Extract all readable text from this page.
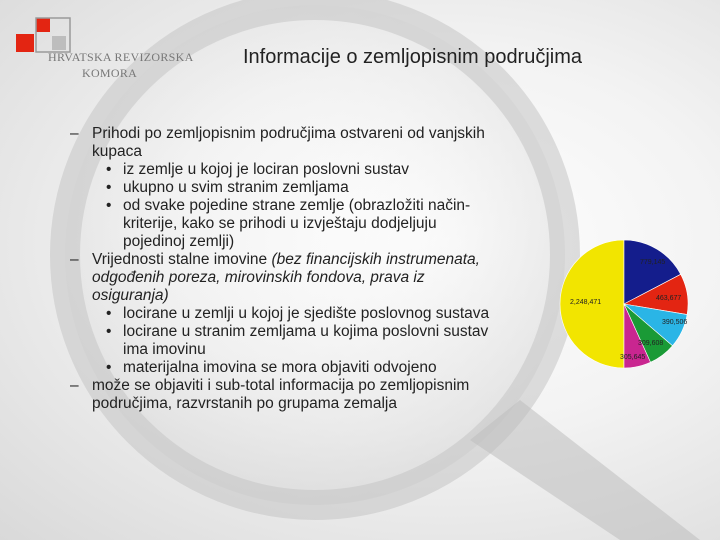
HRVATSKA REVIZORSKA
KOMORA
Informacije o zemljopisnim područjima

– Prihodi po zemljopisnim područjima ostvareni od vanjskih kupaca

• iz zemlje u kojoj je lociran poslovni sustav

• ukupno u svim stranim zemljama

• od svake pojedine strane zemlje (obrazložiti način-kriterije, kako se prihodi u izvještaju dodjeljuju pojedinoj zemlji)

– Vrijednosti stalne imovine (bez financijskih instrumenata, odgođenih poreza, mirovinskih fondova, prava iz osiguranja)

• locirane u zemlji u kojoj je sjedište poslovnog sustava

• locirane u stranim zemljama u kojima poslovni sustav ima imovinu

• materijalna imovina se mora objaviti odvojeno

– može se objaviti i sub-total informacija po zemljopisnim područjima, razvrstanih po grupama zemalja

2,248,471
779,145
463,677
390,506
309,608
305,645
